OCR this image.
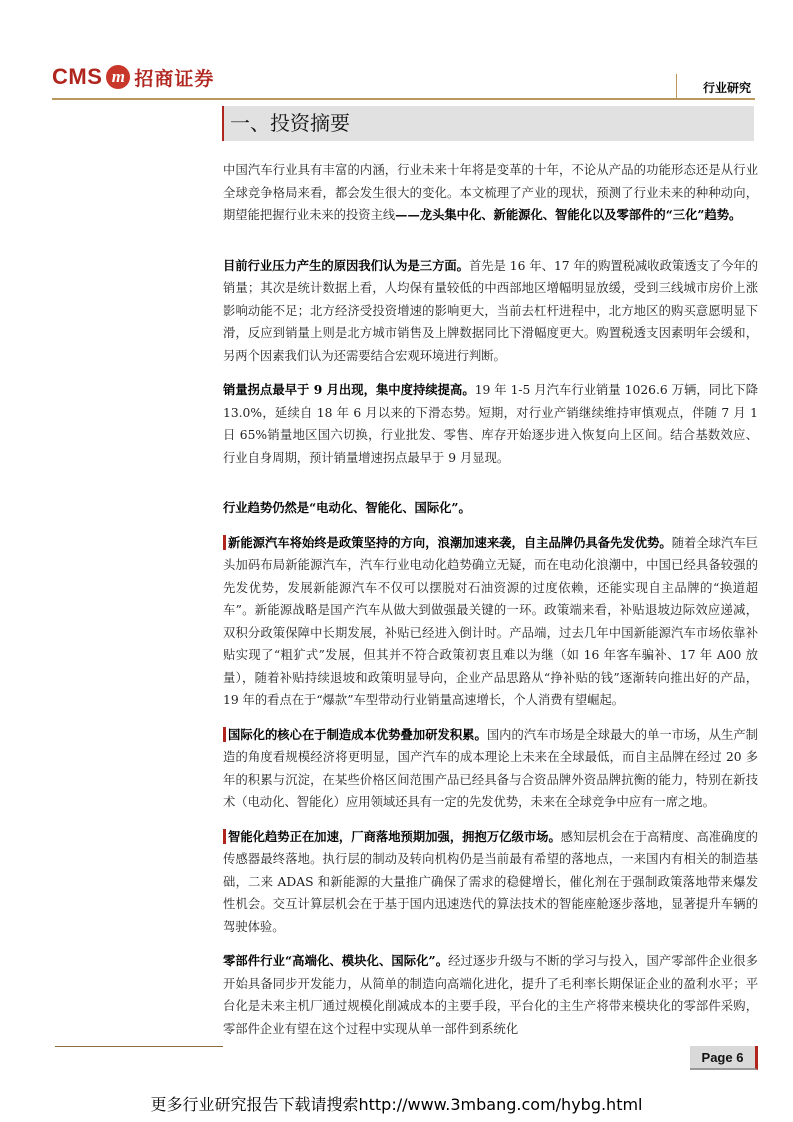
CMS m 招商证券	行业研究
一、投资摘要

中国汽车行业具有丰富的内涵，行业未来十年将是变革的十年，不论从产品的功能形态还是从行业全球竞争格局来看，都会发生很大的变化。本文梳理了产业的现状，预测了行业未来的种种动向，期望能把握行业未来的投资主线——龙头集中化、新能源化、智能化以及零部件的“三化”趋势。

目前行业压力产生的原因我们认为是三方面。首先是 16 年、17 年的购置税减收政策透支了今年的销量；其次是统计数据上看，人均保有量较低的中西部地区增幅明显放缓，受到三线城市房价上涨影响动能不足；北方经济受投资增速的影响更大，当前去杠杆进程中，北方地区的购买意愿明显下滑，反应到销量上则是北方城市销售及上牌数据同比下滑幅度更大。购置税透支因素明年会缓和，另两个因素我们认为还需要结合宏观环境进行判断。

销量拐点最早于 9 月出现，集中度持续提高。19 年 1-5 月汽车行业销量 1026.6 万辆，同比下降 13.0%，延续自 18 年 6 月以来的下滑态势。短期，对行业产销继续维持审慎观点，伴随 7 月 1 日 65%销量地区国六切换，行业批发、零售、库存开始逐步进入恢复向上区间。结合基数效应、行业自身周期，预计销量增速拐点最早于 9 月显现。

行业趋势仍然是“电动化、智能化、国际化”。

新能源汽车将始终是政策坚持的方向，浪潮加速来袭，自主品牌仍具备先发优势。随着全球汽车巨头加码布局新能源汽车，汽车行业电动化趋势确立无疑，而在电动化浪潮中，中国已经具备较强的先发优势，发展新能源汽车不仅可以摆脱对石油资源的过度依赖，还能实现自主品牌的“换道超车”。新能源战略是国产汽车从做大到做强最关键的一环。政策端来看，补贴退坡边际效应递减，双积分政策保障中长期发展，补贴已经进入倒计时。产品端，过去几年中国新能源汽车市场依靠补贴实现了“粗犷式”发展，但其并不符合政策初衷且难以为继（如 16 年客车骗补、17 年 A00 放量），随着补贴持续退坡和政策明显导向，企业产品思路从“挣补贴的钱”逐渐转向推出好的产品，19 年的看点在于“爆款”车型带动行业销量高速增长，个人消费有望崛起。

国际化的核心在于制造成本优势叠加研发积累。国内的汽车市场是全球最大的单一市场，从生产制造的角度看规模经济将更明显，国产汽车的成本理论上未来在全球最低，而自主品牌在经过 20 多年的积累与沉淀，在某些价格区间范围产品已经具备与合资品牌外资品牌抗衡的能力，特别在新技术（电动化、智能化）应用领域还具有一定的先发优势，未来在全球竞争中应有一席之地。

智能化趋势正在加速，厂商落地预期加强，拥抱万亿级市场。感知层机会在于高精度、高准确度的传感器最终落地。执行层的制动及转向机构仍是当前最有希望的落地点，一来国内有相关的制造基础，二来 ADAS 和新能源的大量推广确保了需求的稳健增长，催化剂在于强制政策落地带来爆发性机会。交互计算层机会在于基于国内迅速迭代的算法技术的智能座舱逐步落地，显著提升车辆的驾驶体验。

零部件行业“高端化、模块化、国际化”。经过逐步升级与不断的学习与投入，国产零部件企业很多开始具备同步开发能力，从简单的制造向高端化进化，提升了毛利率长期保证企业的盈利水平；平台化是未来主机厂通过规模化削减成本的主要手段，平台化的主生产将带来模块化的零部件采购，零部件企业有望在这个过程中实现从单一部件到系统化

Page 6
更多行业研究报告下载请搜索http://www.3mbang.com/hybg.html
